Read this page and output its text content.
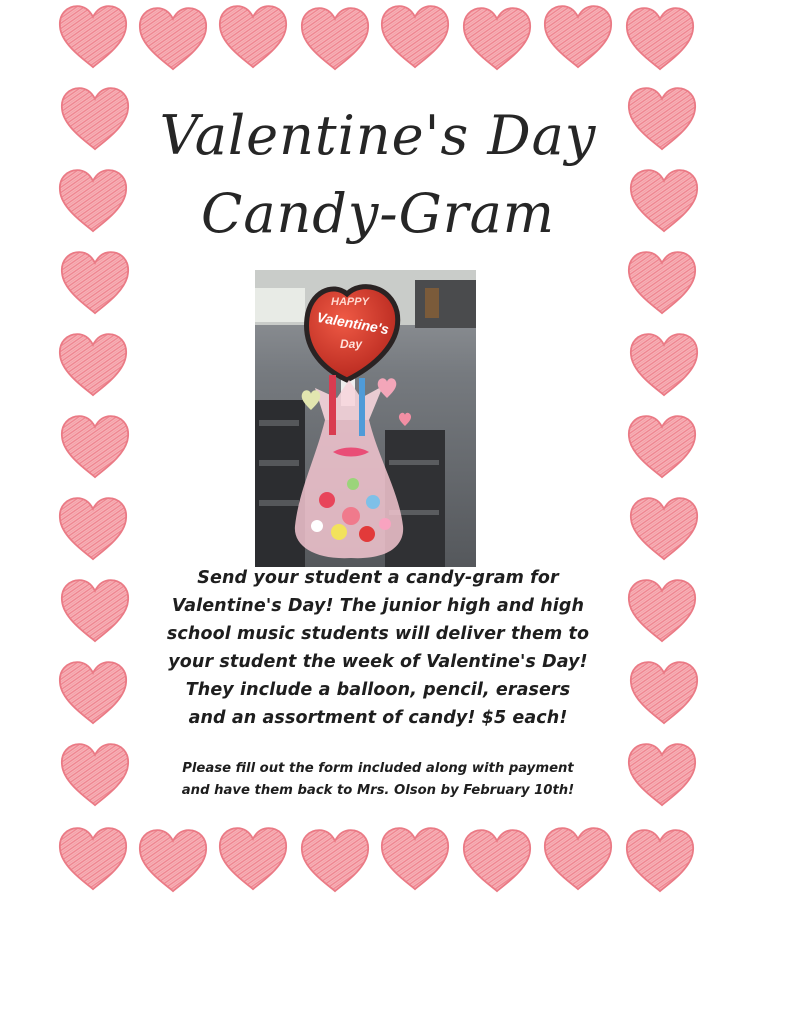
Valentine's Day
Candy-Gram
HAPPY
Valentine's
Day

Send your student a candy-gram for
Valentine's Day! The junior high and high
school music students will deliver them to
your student the week of Valentine's Day!
They include a balloon, pencil, erasers
and an assortment of candy! $5 each!

Please fill out the form included along with payment
and have them back to Mrs. Olson by February 10th!
